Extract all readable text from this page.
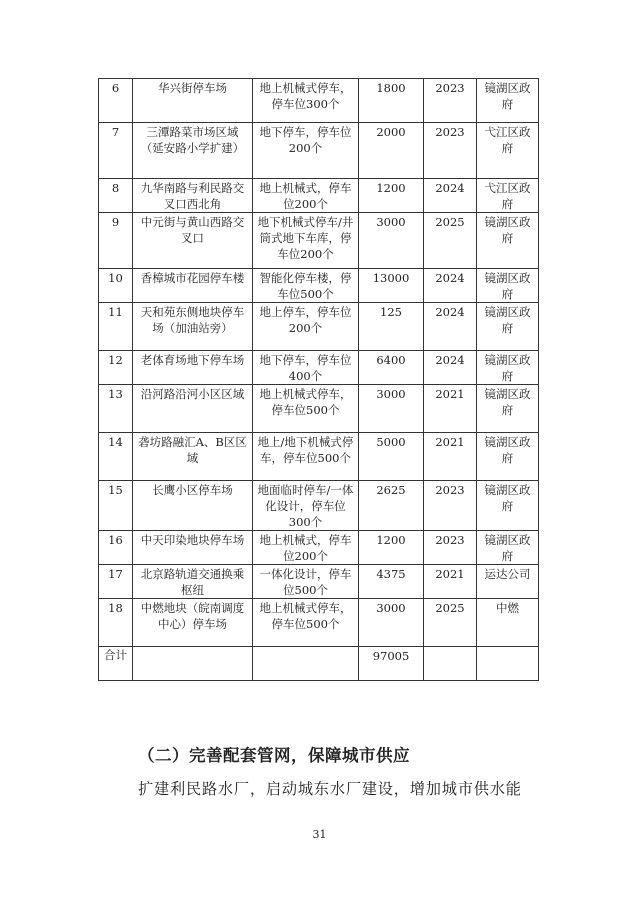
6	华兴街停车场	地上机械式停车，停车位300个	1800	2023	镜湖区政府
7	三潭路菜市场区域（延安路小学扩建）	地下停车，停车位200个	2000	2023	弋江区政府
8	九华南路与利民路交叉口西北角	地上机械式，停车位200个	1200	2024	弋江区政府
9	中元街与黄山西路交叉口	地下机械式停车/井筒式地下车库，停车位200个	3000	2025	镜湖区政府
10	香樟城市花园停车楼	智能化停车楼，停车位500个	13000	2024	镜湖区政府
11	天和苑东侧地块停车场（加油站旁）	地上停车，停车位200个	125	2024	镜湖区政府
12	老体育场地下停车场	地下停车，停车位400个	6400	2024	镜湖区政府
13	沿河路沿河小区区域	地上机械式停车，停车位500个	3000	2021	镜湖区政府
14	砻坊路融汇A、B区区域	地上/地下机械式停车，停车位500个	5000	2021	镜湖区政府
15	长鹰小区停车场	地面临时停车/一体化设计，停车位300个	2625	2023	镜湖区政府
16	中天印染地块停车场	地上机械式，停车位200个	1200	2023	镜湖区政府
17	北京路轨道交通换乘枢纽	一体化设计，停车位500个	4375	2021	运达公司
18	中燃地块（皖南调度中心）停车场	地上机械式停车，停车位500个	3000	2025	中燃
合计			97005		
（二）完善配套管网，保障城市供应
扩建利民路水厂，启动城东水厂建设，增加城市供水能
31
